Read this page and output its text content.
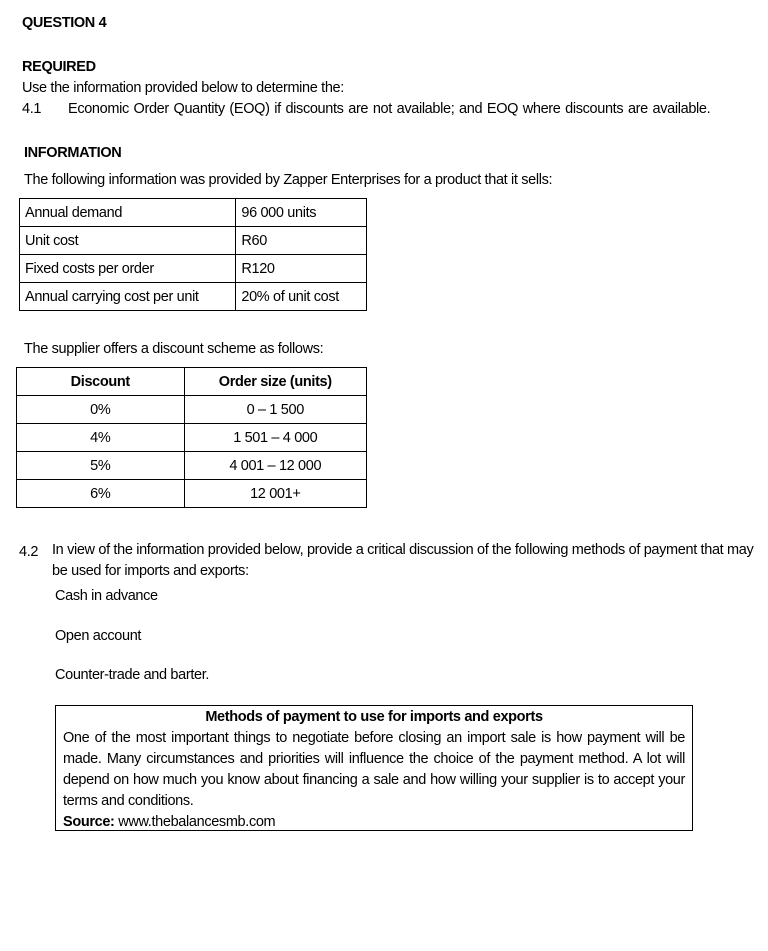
QUESTION 4
REQUIRED
Use the information provided below to determine the:
4.1 Economic Order Quantity (EOQ) if discounts are not available; and EOQ where discounts are available.
INFORMATION
The following information was provided by Zapper Enterprises for a product that it sells:
Annual demand	96 000 units
Unit cost	R60
Fixed costs per order	R120
Annual carrying cost per unit	20% of unit cost
The supplier offers a discount scheme as follows:
Discount	Order size (units)
0%	0 – 1 500
4%	1 501 – 4 000
5%	4 001 – 12 000
6%	12 001+
4.2 In view of the information provided below, provide a critical discussion of the following methods of payment that may
be used for imports and exports:
Cash in advance
Open account
Counter-trade and barter.
Methods of payment to use for imports and exports
One of the most important things to negotiate before closing an import sale is how payment will be made. Many circumstances and priorities will influence the choice of the payment method. A lot will depend on how much you know about financing a sale and how willing your supplier is to accept your terms and conditions.
Source: www.thebalancesmb.com
